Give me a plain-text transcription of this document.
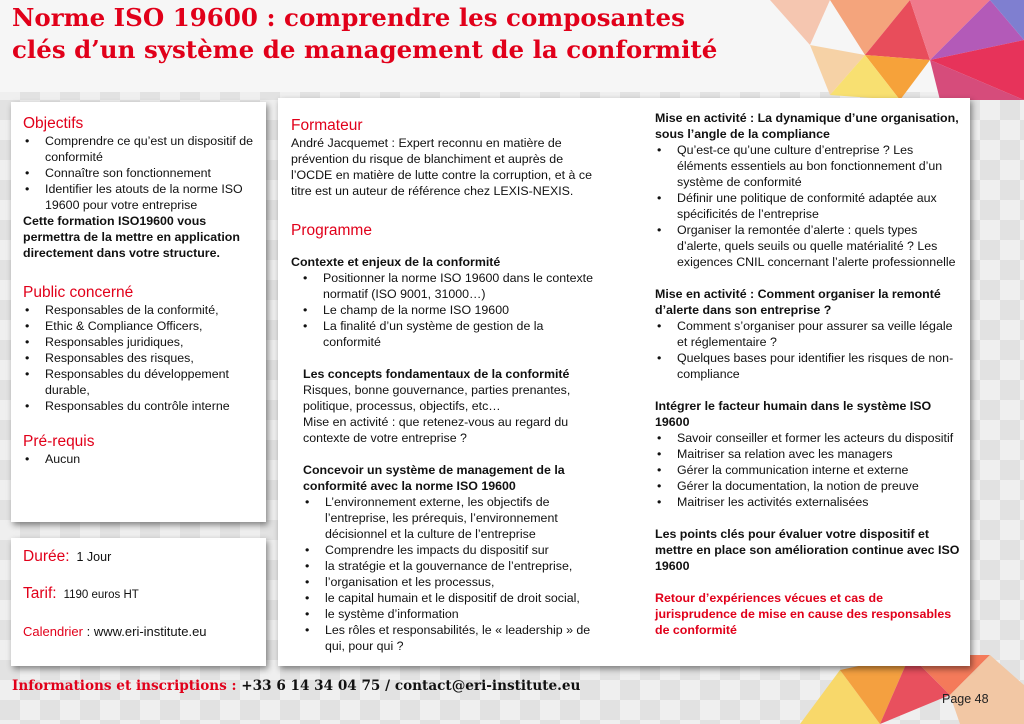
Norme ISO 19600 : comprendre les composantes
clés d’un système de management de la conformité
Objectifs
• Comprendre ce qu’est un dispositif de conformité
• Connaître son fonctionnement
• Identifier les atouts de la norme ISO 19600 pour votre entreprise
Cette formation ISO19600 vous permettra de la mettre en application directement dans votre structure.
Public concerné
• Responsables de la conformité,
• Ethic & Compliance Officers,
• Responsables juridiques,
• Responsables des risques,
• Responsables du développement durable,
• Responsables du contrôle interne
Pré-requis
• Aucun
Durée: 1 Jour
Tarif: 1190 euros HT
Calendrier : www.eri-institute.eu
Formateur
André Jacquemet : Expert reconnu en matière de prévention du risque de blanchiment et auprès de l’OCDE en matière de lutte contre la corruption, et à ce titre est un auteur de référence chez LEXIS-NEXIS.
Programme
Contexte et enjeux de la conformité
• Positionner la norme ISO 19600 dans le contexte normatif (ISO 9001, 31000…)
• Le champ de la norme ISO 19600
• La finalité d’un système de gestion de la conformité
Les concepts fondamentaux de la conformité
Risques, bonne gouvernance, parties prenantes, politique, processus, objectifs, etc…
Mise en activité : que retenez-vous au regard du contexte de votre entreprise ?
Concevoir un système de management de la conformité avec la norme ISO 19600
• L’environnement externe, les objectifs de l’entreprise, les prérequis, l’environnement décisionnel et la culture de l’entreprise
• Comprendre les impacts du dispositif sur
• la stratégie et la gouvernance de l’entreprise,
• l’organisation et les processus,
• le capital humain et le dispositif de droit social,
• le système d’information
• Les rôles et responsabilités, le « leadership » de qui, pour qui ?
Mise en activité : La dynamique d’une organisation, sous l’angle de la compliance
• Qu’est-ce qu’une culture d’entreprise ? Les éléments essentiels au bon fonctionnement d’un système de conformité
• Définir une politique de conformité adaptée aux spécificités de l’entreprise
• Organiser la remontée d’alerte : quels types d’alerte, quels seuils ou quelle matérialité ? Les exigences CNIL concernant l’alerte professionnelle
Mise en activité : Comment organiser la remonté d’alerte dans son entreprise ?
• Comment s’organiser pour assurer sa veille légale et réglementaire ?
• Quelques bases pour identifier les risques de non-compliance
Intégrer le facteur humain dans le système ISO 19600
• Savoir conseiller et former les acteurs du dispositif
• Maitriser sa relation avec les managers
• Gérer la communication interne et externe
• Gérer la documentation, la notion de preuve
• Maitriser les activités externalisées
Les points clés pour évaluer votre dispositif et mettre en place son amélioration continue avec ISO 19600
Retour d’expériences vécues et cas de jurisprudence de mise en cause des responsables de conformité
Informations et inscriptions : +33 6 14 34 04 75 / contact@eri-institute.eu
Page 48
